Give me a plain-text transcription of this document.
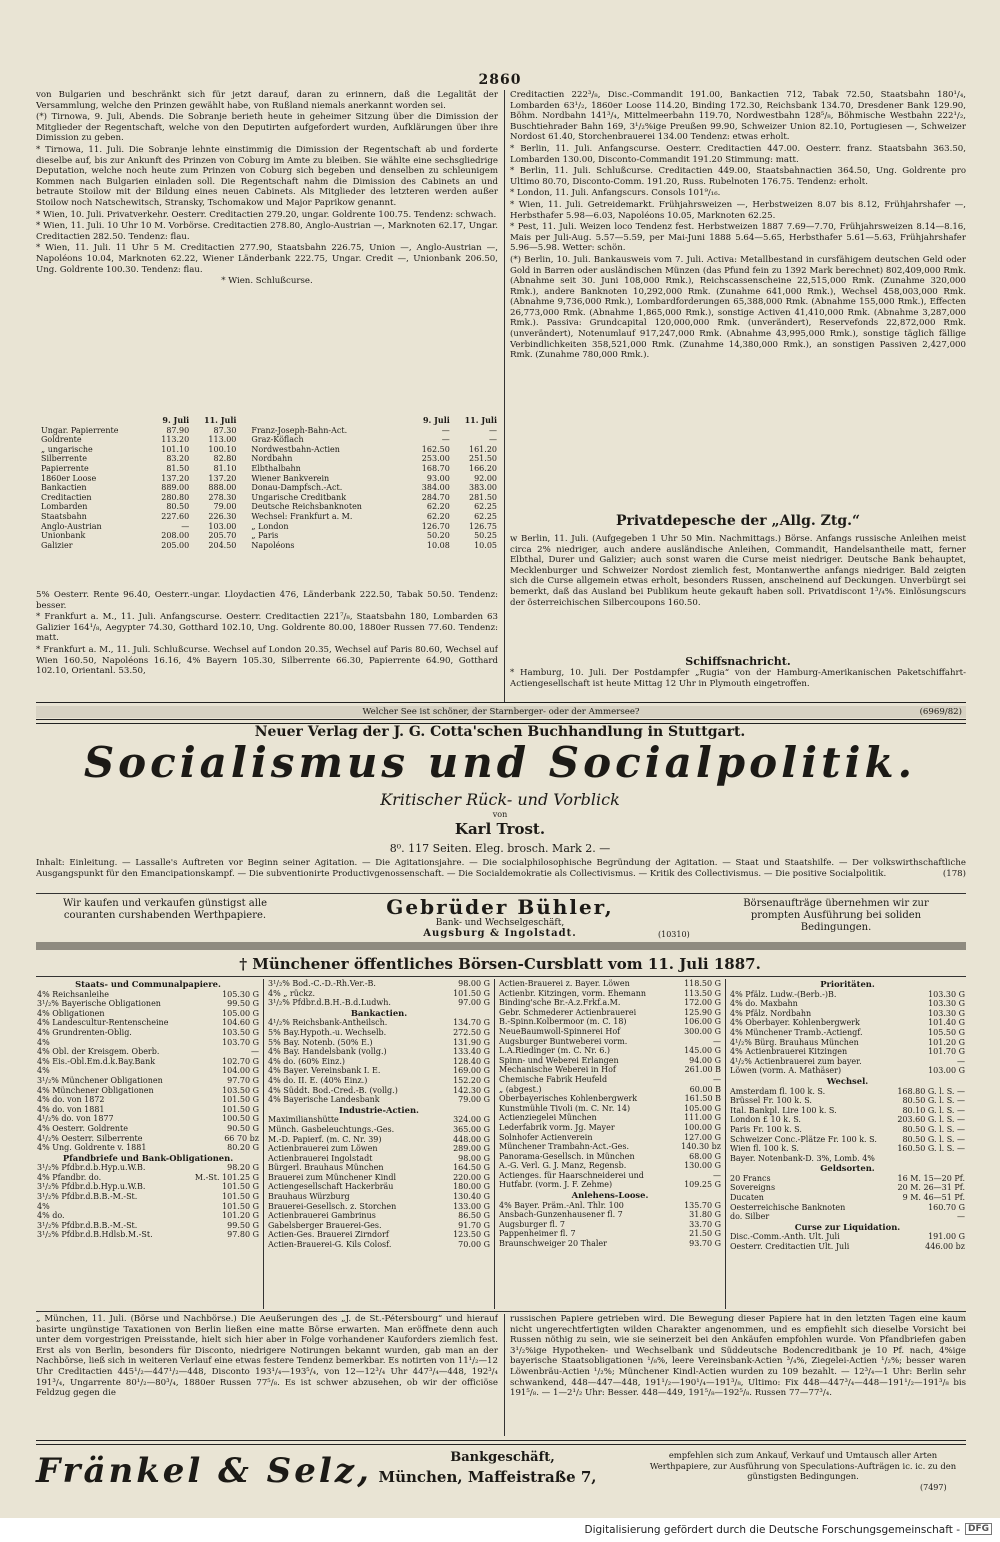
2860

von Bulgarien und beschränkt sich für jetzt darauf, daran zu erinnern, daß die Legalität der Versammlung, welche den Prinzen gewählt habe, von Rußland niemals anerkannt worden sei.

(*) Tirnowa, 9. Juli, Abends. Die Sobranje berieth heute in geheimer Sitzung über die Dimission der Mitglieder der Regentschaft, welche von den Deputirten aufgefordert wurden, Aufklärungen über ihre Dimission zu geben.

* Tirnowa, 11. Juli. Die Sobranje lehnte einstimmig die Dimission der Regentschaft ab und forderte dieselbe auf, bis zur Ankunft des Prinzen von Coburg im Amte zu bleiben. Sie wählte eine sechsgliedrige Deputation, welche noch heute zum Prinzen von Coburg sich begeben und denselben zu schleunigem Kommen nach Bulgarien einladen soll. Die Regentschaft nahm die Dimission des Cabinets an und betraute Stoilow mit der Bildung eines neuen Cabinets. Als Mitglieder des letzteren werden außer Stoilow noch Natschewitsch, Stransky, Tschomakow und Major Paprikow genannt.

* Wien, 10. Juli. Privatverkehr. Oesterr. Creditactien 279.20, ungar. Goldrente 100.75. Tendenz: schwach.

* Wien, 11. Juli. 10 Uhr 10 M. Vorbörse. Creditactien 278.80, Anglo-Austrian —, Marknoten 62.17, Ungar. Creditactien 282.50. Tendenz: flau.

* Wien, 11. Juli. 11 Uhr 5 M. Creditactien 277.90, Staatsbahn 226.75, Union —, Anglo-Austrian —, Napoléons 10.04, Marknoten 62.22, Wiener Länderbank 222.75, Ungar. Credit —, Unionbank 206.50, Ung. Goldrente 100.30. Tendenz: flau.

* Wien. Schlußcurse.

	9. Juli	11. Juli		9. Juli	11. Juli
Ungar. Papierrente	87.90	87.30	Franz-Joseph-Bahn-Act.	—	—
Goldrente	113.20	113.00	Graz-Köflach	—	—
„ ungarische	101.10	100.10	Nordwestbahn-Actien	162.50	161.20
Silberrente	83.20	82.80	Nordbahn	253.00	251.50
Papierrente	81.50	81.10	Elbthalbahn	168.70	166.20
1860er Loose	137.20	137.20	Wiener Bankverein	93.00	92.00
Bankactien	889.00	888.00	Donau-Dampfsch.-Act.	384.00	383.00
Creditactien	280.80	278.30	Ungarische Creditbank	284.70	281.50
Lombarden	80.50	79.00	Deutsche Reichsbanknoten	62.20	62.25
Staatsbahn	227.60	226.30	Wechsel: Frankfurt a. M.	62.20	62.25
Anglo-Austrian	—	103.00	„ London	126.70	126.75
Unionbank	208.00	205.70	„ Paris	50.20	50.25
Galizier	205.00	204.50	Napoléons	10.08	10.05

5% Oesterr. Rente 96.40, Oesterr.-ungar. Lloydactien 476, Länderbank 222.50, Tabak 50.50. Tendenz: besser.

* Frankfurt a. M., 11. Juli. Anfangscurse. Oesterr. Creditactien 221⁷/₈, Staatsbahn 180, Lombarden 63 Galizier 164¹/₈, Aegypter 74.30, Gotthard 102.10, Ung. Goldrente 80.00, 1880er Russen 77.60. Tendenz: matt.

* Frankfurt a. M., 11. Juli. Schlußcurse. Wechsel auf London 20.35, Wechsel auf Paris 80.60, Wechsel auf Wien 160.50, Napoléons 16.16, 4% Bayern 105.30, Silberrente 66.30, Papierrente 64.90, Gotthard 102.10, Orientanl. 53.50,

Creditactien 222³/₈, Disc.-Commandit 191.00, Bankactien 712, Tabak 72.50, Staatsbahn 180¹/₄, Lombarden 63¹/₂, 1860er Loose 114.20, Binding 172.30, Reichsbank 134.70, Dresdener Bank 129.90, Böhm. Nordbahn 141³/₄, Mittelmeerbahn 119.70, Nordwestbahn 128⁵/₈, Böhmische Westbahn 222¹/₂, Buschtiehrader Bahn 169, 3¹/₂%ige Preußen 99.90, Schweizer Union 82.10, Portugiesen —, Schweizer Nordost 61.40, Storchenbrauerei 134.00 Tendenz: etwas erholt.

* Berlin, 11. Juli. Anfangscurse. Oesterr. Creditactien 447.00. Oesterr. franz. Staatsbahn 363.50, Lombarden 130.00, Disconto-Commandit 191.20 Stimmung: matt.

* Berlin, 11. Juli. Schlußcurse. Creditactien 449.00, Staatsbahnactien 364.50, Ung. Goldrente pro Ultimo 80.70, Disconto-Comm. 191.20, Russ. Rubelnoten 176.75. Tendenz: erholt.

* London, 11. Juli. Anfangscurs. Consols 101⁹/₁₆.

* Wien, 11. Juli. Getreidemarkt. Frühjahrsweizen —, Herbstweizen 8.07 bis 8.12, Frühjahrshafer —, Herbsthafer 5.98—6.03, Napoléons 10.05, Marknoten 62.25.

* Pest, 11. Juli. Weizen loco Tendenz fest. Herbstweizen 1887 7.69—7.70, Frühjahrsweizen 8.14—8.16, Mais per Juli-Aug. 5.57—5.59, per Mai-Juni 1888 5.64—5.65, Herbsthafer 5.61—5.63, Frühjahrshafer 5.96—5.98. Wetter: schön.

(*) Berlin, 10. Juli. Bankausweis vom 7. Juli. Activa: Metallbestand in cursfähigem deutschen Geld oder Gold in Barren oder ausländischen Münzen (das Pfund fein zu 1392 Mark berechnet) 802,409,000 Rmk. (Abnahme seit 30. Juni 108,000 Rmk.), Reichscassenscheine 22,515,000 Rmk. (Zunahme 320,000 Rmk.), andere Banknoten 10,292,000 Rmk. (Zunahme 641,000 Rmk.), Wechsel 458,003,000 Rmk. (Abnahme 9,736,000 Rmk.), Lombardforderungen 65,388,000 Rmk. (Abnahme 155,000 Rmk.), Effecten 26,773,000 Rmk. (Abnahme 1,865,000 Rmk.), sonstige Activen 41,410,000 Rmk. (Abnahme 3,287,000 Rmk.). Passiva: Grundcapital 120,000,000 Rmk. (unverändert), Reservefonds 22,872,000 Rmk. (unverändert), Notenumlauf 917,247,000 Rmk. (Abnahme 43,995,000 Rmk.), sonstige täglich fällige Verbindlichkeiten 358,521,000 Rmk. (Zunahme 14,380,000 Rmk.), an sonstigen Passiven 2,427,000 Rmk. (Zunahme 780,000 Rmk.).

Privatdepesche der „Allg. Ztg.“

w Berlin, 11. Juli. (Aufgegeben 1 Uhr 50 Min. Nachmittags.) Börse. Anfangs russische Anleihen meist circa 2% niedriger, auch andere ausländische Anleihen, Commandit, Handelsantheile matt, ferner Elbthal, Durer und Galizier; auch sonst waren die Curse meist niedriger. Deutsche Bank behauptet, Mecklenburger und Schweizer Nordost ziemlich fest, Montanwerthe anfangs niedriger. Bald zeigten sich die Curse allgemein etwas erholt, besonders Russen, anscheinend auf Deckungen. Unverbürgt sei bemerkt, daß das Ausland bei Publikum heute gekauft haben soll. Privatdiscont 1³/₄%. Einlösungscurs der österreichischen Silbercoupons 160.50.

Schiffsnachricht.

* Hamburg, 10. Juli. Der Postdampfer „Rugia“ von der Hamburg-Amerikanischen Paketschiffahrt-Actiengesellschaft ist heute Mittag 12 Uhr in Plymouth eingetroffen.

Welcher See ist schöner, der Starnberger- oder der Ammersee?	(6969/82)
Neuer Verlag der J. G. Cotta'schen Buchhandlung in Stuttgart.
Socialismus und Socialpolitik.
Kritischer Rück- und Vorblick
von
Karl Trost.
8⁰. 117 Seiten. Eleg. brosch. Mark 2. —
Inhalt: Einleitung. — Lassalle's Auftreten vor Beginn seiner Agitation. — Die Agitationsjahre. — Die socialphilosophische Begründung der Agitation. — Staat und Staatshilfe. — Der volkswirthschaftliche Ausgangspunkt für den Emancipationskampf. — Die subventionirte Productivgenossenschaft. — Die Socialdemokratie als Collectivismus. — Kritik des Collectivismus. — Die positive Socialpolitik.	(178)
Wir kaufen und verkaufen günstigst alle couranten curshabenden Werthpapiere.	Gebrüder Bühler,
Bank- und Wechselgeschäft,
Augsburg & Ingolstadt.	(10310)
Börsenaufträge übernehmen wir zur prompten Ausführung bei soliden Bedingungen.
† Münchener öffentliches Börsen-Cursblatt vom 11. Juli 1887.
Staats- und Communalpapiere.
4% Reichsanleihe	105.30 G
3¹/₂% Bayerische Obligationen	99.50 G
4% Obligationen	105.00 G
4% Landescultur-Rentenscheine	104.60 G
4% Grundrenten-Oblig.	103.50 G
4%	103.70 G
4% Obl. der Kreisgem. Oberb.	—
4% Eis.-Obl.Em.d.k.Bay.Bank	102.70 G
4%	104.00 G
3¹/₂% Münchener Obligationen	97.70 G
4% Münchener Obligationen	103.50 G
4% do. von 1872	101.50 G
4% do. von 1881	101.50 G
4¹/₂% do. von 1877	100.50 G
4% Oesterr. Goldrente	90.50 G
4¹/₂% Oesterr. Silberrente	66 70 bz
4% Ung. Goldrente v. 1881	80.20 G
Pfandbriefe und Bank-Obligationen.
3¹/₂% Pfdbr.d.b.Hyp.u.W.B.	98.20 G
4% Pfandbr. do.	M.-St. 101.25 G
3¹/₂% Pfdbr.d.b.Hyp.u.W.B.	101.50 G
3¹/₂% Pfdbr.d.B.B.-M.-St.	101.50 G
4%	101.50 G
4% do.	101.20 G
3¹/₂% Pfdbr.d.B.B.-M.-St.	99.50 G
3¹/₂% Pfdbr.d.B.Hdlsb.M.-St.	97.80 G
3¹/₂% Bod.-C.-D.-Rh.Ver.-B.	98.00 G
4% „ rückz.	101.50 G
3¹/₂% Pfdbr.d.B.H.-B.d.Ludwh.	97.00 G
Bankactien.
4¹/₂% Reichsbank-Antheilsch.	134.70 G
5% Bay.Hypoth.-u. Wechselb.	272.50 G
5% Bay. Notenb. (50% E.)	131.90 G
4% Bay. Handelsbank (vollg.)	133.40 G
4% do. (60% Einz.)	128.40 G
4% Bayer. Vereinsbank I. E.	169.00 G
4% do. II. E. (40% Einz.)	152.20 G
4% Süddt. Bod.-Cred.-B. (vollg.)	142.30 G
4% Bayerische Landesbank	79.00 G
Industrie-Actien.
Maximilianshütte	324.00 G
Münch. Gasbeleuchtungs.-Ges.	365.00 G
M.-D. Papierf. (m. C. Nr. 39)	448.00 G
Actienbrauerei zum Löwen	289.00 G
Actienbrauerei Ingolstadt	98.00 G
Bürgerl. Brauhaus München	164.50 G
Brauerei zum Münchener Kindl	220.00 G
Actiengesellschaft Hackerbräu	180.00 G
Brauhaus Würzburg	130.40 G
Brauerei-Gesellsch. z. Storchen	133.00 G
Actienbrauerei Gambrinus	86.50 G
Gabelsberger Brauerei-Ges.	91.70 G
Actien-Ges. Brauerei Zirndorf	123.50 G
Actien-Brauerei-G. Kils Colosf.	70.00 G
Actien-Brauerei z. Bayer. Löwen	118.50 G
Actienbr. Kitzingen, vorm. Ehemann	113.50 G
Binding'sche Br.-A.z.Frkf.a.M.	172.00 G
Gebr. Schmederer Actienbrauerei	125.90 G
B.-Spinn.Kolbermoor (m. C. 18)	106.00 G
NeueBaumwoll-Spinnerei Hof	300.00 G
Augsburger Buntweberei vorm.	—
L.A.Riedinger (m. C. Nr. 6.)	145.00 G
Spinn- und Weberei Erlangen	94.00 G
Mechanische Weberei in Hof	261.00 B
Chemische Fabrik Heufeld	—
„ (abgest.)	60.00 B
Oberbayerisches Kohlenbergwerk	161.50 B
Kunstmühle Tivoli (m. C. Nr. 14)	105.00 G
Actienziegelei München	111.00 G
Lederfabrik vorm. Jg. Mayer	100.00 G
Solnhofer Actienverein	127.00 G
Münchener Trambahn-Act.-Ges.	140.30 bz
Panorama-Gesellsch. in München	68.00 G
A.-G. Verl. G. J. Manz, Regensb.	130.00 G
Actienges. für Haarschneiderei und	—
Hutfabr. (vorm. J. F. Zehme)	109.25 G
Anlehens-Loose.
4% Bayer. Präm.-Anl. Thlr. 100	135.70 G
Ansbach-Gunzenhausener fl. 7	31.80 G
Augsburger fl. 7	33.70 G
Pappenheimer fl. 7	21.50 G
Braunschweiger 20 Thaler	93.70 G
Prioritäten.
4% Pfälz. Ludw.-(Berb.-)B.	103.30 G
4% do. Maxbahn	103.30 G
4% Pfälz. Nordbahn	103.30 G
4% Oberbayer. Kohlenbergwerk	101.40 G
4% Münchener Tramb.-Actiengf.	105.50 G
4¹/₂% Bürg. Brauhaus München	101.20 G
4% Actienbrauerei Kitzingen	101.70 G
4¹/₂% Actienbrauerei zum bayer.	—
Löwen (vorm. A. Mathäser)	103.00 G
Wechsel.
Amsterdam fl. 100 k. S.	168.80 G. l. S. —
Brüssel Fr. 100 k. S.	80.50 G. l. S. —
Ital. Bankpl. Lire 100 k. S.	80.10 G. l. S. —
London £ 10 k. S.	203.60 G. l. S. —
Paris Fr. 100 k. S.	80.50 G. l. S. —
Schweizer Conc.-Plätze Fr. 100 k. S.	80.50 G. l. S. —
Wien fl. 100 k. S.	160.50 G. l. S. —
Bayer. Notenbank-D. 3%, Lomb. 4%	
Geldsorten.
20 Francs	16 M. 15—20 Pf.
Sovereigns	20 M. 26—31 Pf.
Ducaten	9 M. 46—51 Pf.
Oesterreichische Banknoten	160.70 G
do. Silber	—
Curse zur Liquidation.
Disc.-Comm.-Anth. Ult. Juli	191.00 G
Oesterr. Creditactien Ult. Juli	446.00 bz
„ München, 11. Juli. (Börse und Nachbörse.) Die Aeußerungen des „J. de St.-Pétersbourg“ und hierauf basirte ungünstige Taxationen von Berlin ließen eine matte Börse erwarten. Man eröffnete denn auch unter dem vorgestrigen Preisstande, hielt sich hier aber in Folge vorhandener Kauforders ziemlich fest. Erst als von Berlin, besonders für Disconto, niedrigere Notirungen bekannt wurden, gab man an der Nachbörse, ließ sich in weiteren Verlauf eine etwas festere Tendenz bemerkbar. Es notirten von 11¹/₂—12 Uhr Creditactien 445¹/₂—447¹/₂—448, Disconto 193¹/₄—193⁵/₄, von 12—12³/₄ Uhr 447³/₄—448, 192³/₄ 191³/₄, Ungarrente 80¹/₂—80³/₄, 1880er Russen 77⁵/₈. Es ist schwer abzusehen, ob wir der officiöse Feldzug gegen die
russischen Papiere getrieben wird. Die Bewegung dieser Papiere hat in den letzten Tagen eine kaum nicht ungerechtfertigten wilden Charakter angenommen, und es empfiehlt sich dieselbe Vorsicht bei Russen nöthig zu sein, wie sie seinerzeit bei den Ankäufen empfohlen wurde. Von Pfandbriefen gaben 3¹/₂%ige Hypotheken- und Wechselbank und Süddeutsche Bodencreditbank je 10 Pf. nach, 4%ige bayerische Staatsobligationen ¹/₈%, leere Vereinsbank-Actien ³/₄%, Ziegelei-Actien ¹/₂%; besser waren Löwenbräu-Actien ¹/₂%; Münchener Kindl-Actien wurden zu 109 bezahlt. — 12³/₄—1 Uhr: Berlin sehr schwankend, 448—447—448, 191¹/₂—190¹/₄—191³/₈, Ultimo: Fix 448—447³/₄—448—191¹/₂—191³/₈ bis 191⁵/₈. — 1—2¹/₂ Uhr: Besser. 448—449, 191⁵/₈—192⁵/₈. Russen 77—77³/₄.
Fränkel & Selz,	Bankgeschäft,
München, Maffeistraße 7,
empfehlen sich zum Ankauf, Verkauf und Umtausch aller Arten Werthpapiere, zur Ausführung von Speculations-Aufträgen ic. ic. zu den günstigsten Bedingungen.
(7497)
Digitalisierung gefördert durch die Deutsche Forschungsgemeinschaft - DFG
